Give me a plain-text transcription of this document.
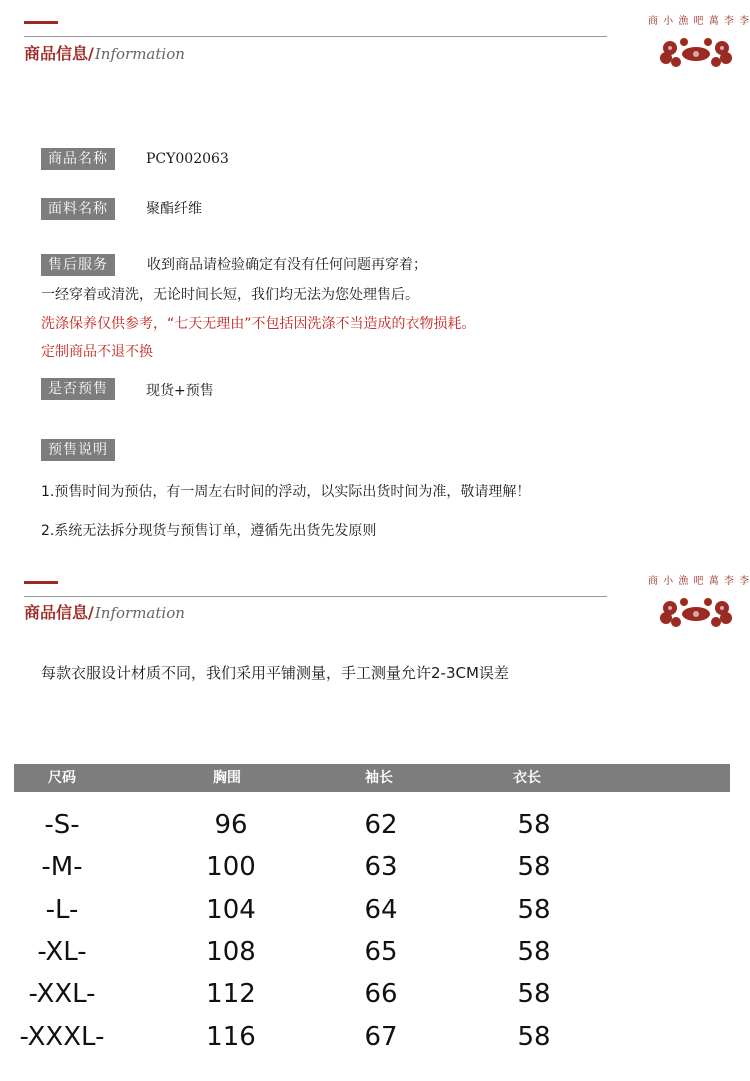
商品信息/Information
商 小 漁 吧 萬 李 李
商品名称	PCY002063
面料名称	聚酯纤维
售后服务	收到商品请检验确定有没有任何问题再穿着；
一经穿着或清洗，无论时间长短，我们均无法为您处理售后。
洗涤保养仅供参考，“七天无理由”不包括因洗涤不当造成的衣物损耗。
定制商品不退不换
是否预售	现货+预售
预售说明
1.预售时间为预估，有一周左右时间的浮动，以实际出货时间为准，敬请理解！
2.系统无法拆分现货与预售订单，遵循先出货先发原则
商品信息/Information
商 小 漁 吧 萬 李 李
每款衣服设计材质不同，我们采用平铺测量，手工测量允许2-3CM误差
尺码	胸围	袖长	衣长
-S-	96	62	58
-M-	100	63	58
-L-	104	64	58
-XL-	108	65	58
-XXL-	112	66	58
-XXXL-	116	67	58
